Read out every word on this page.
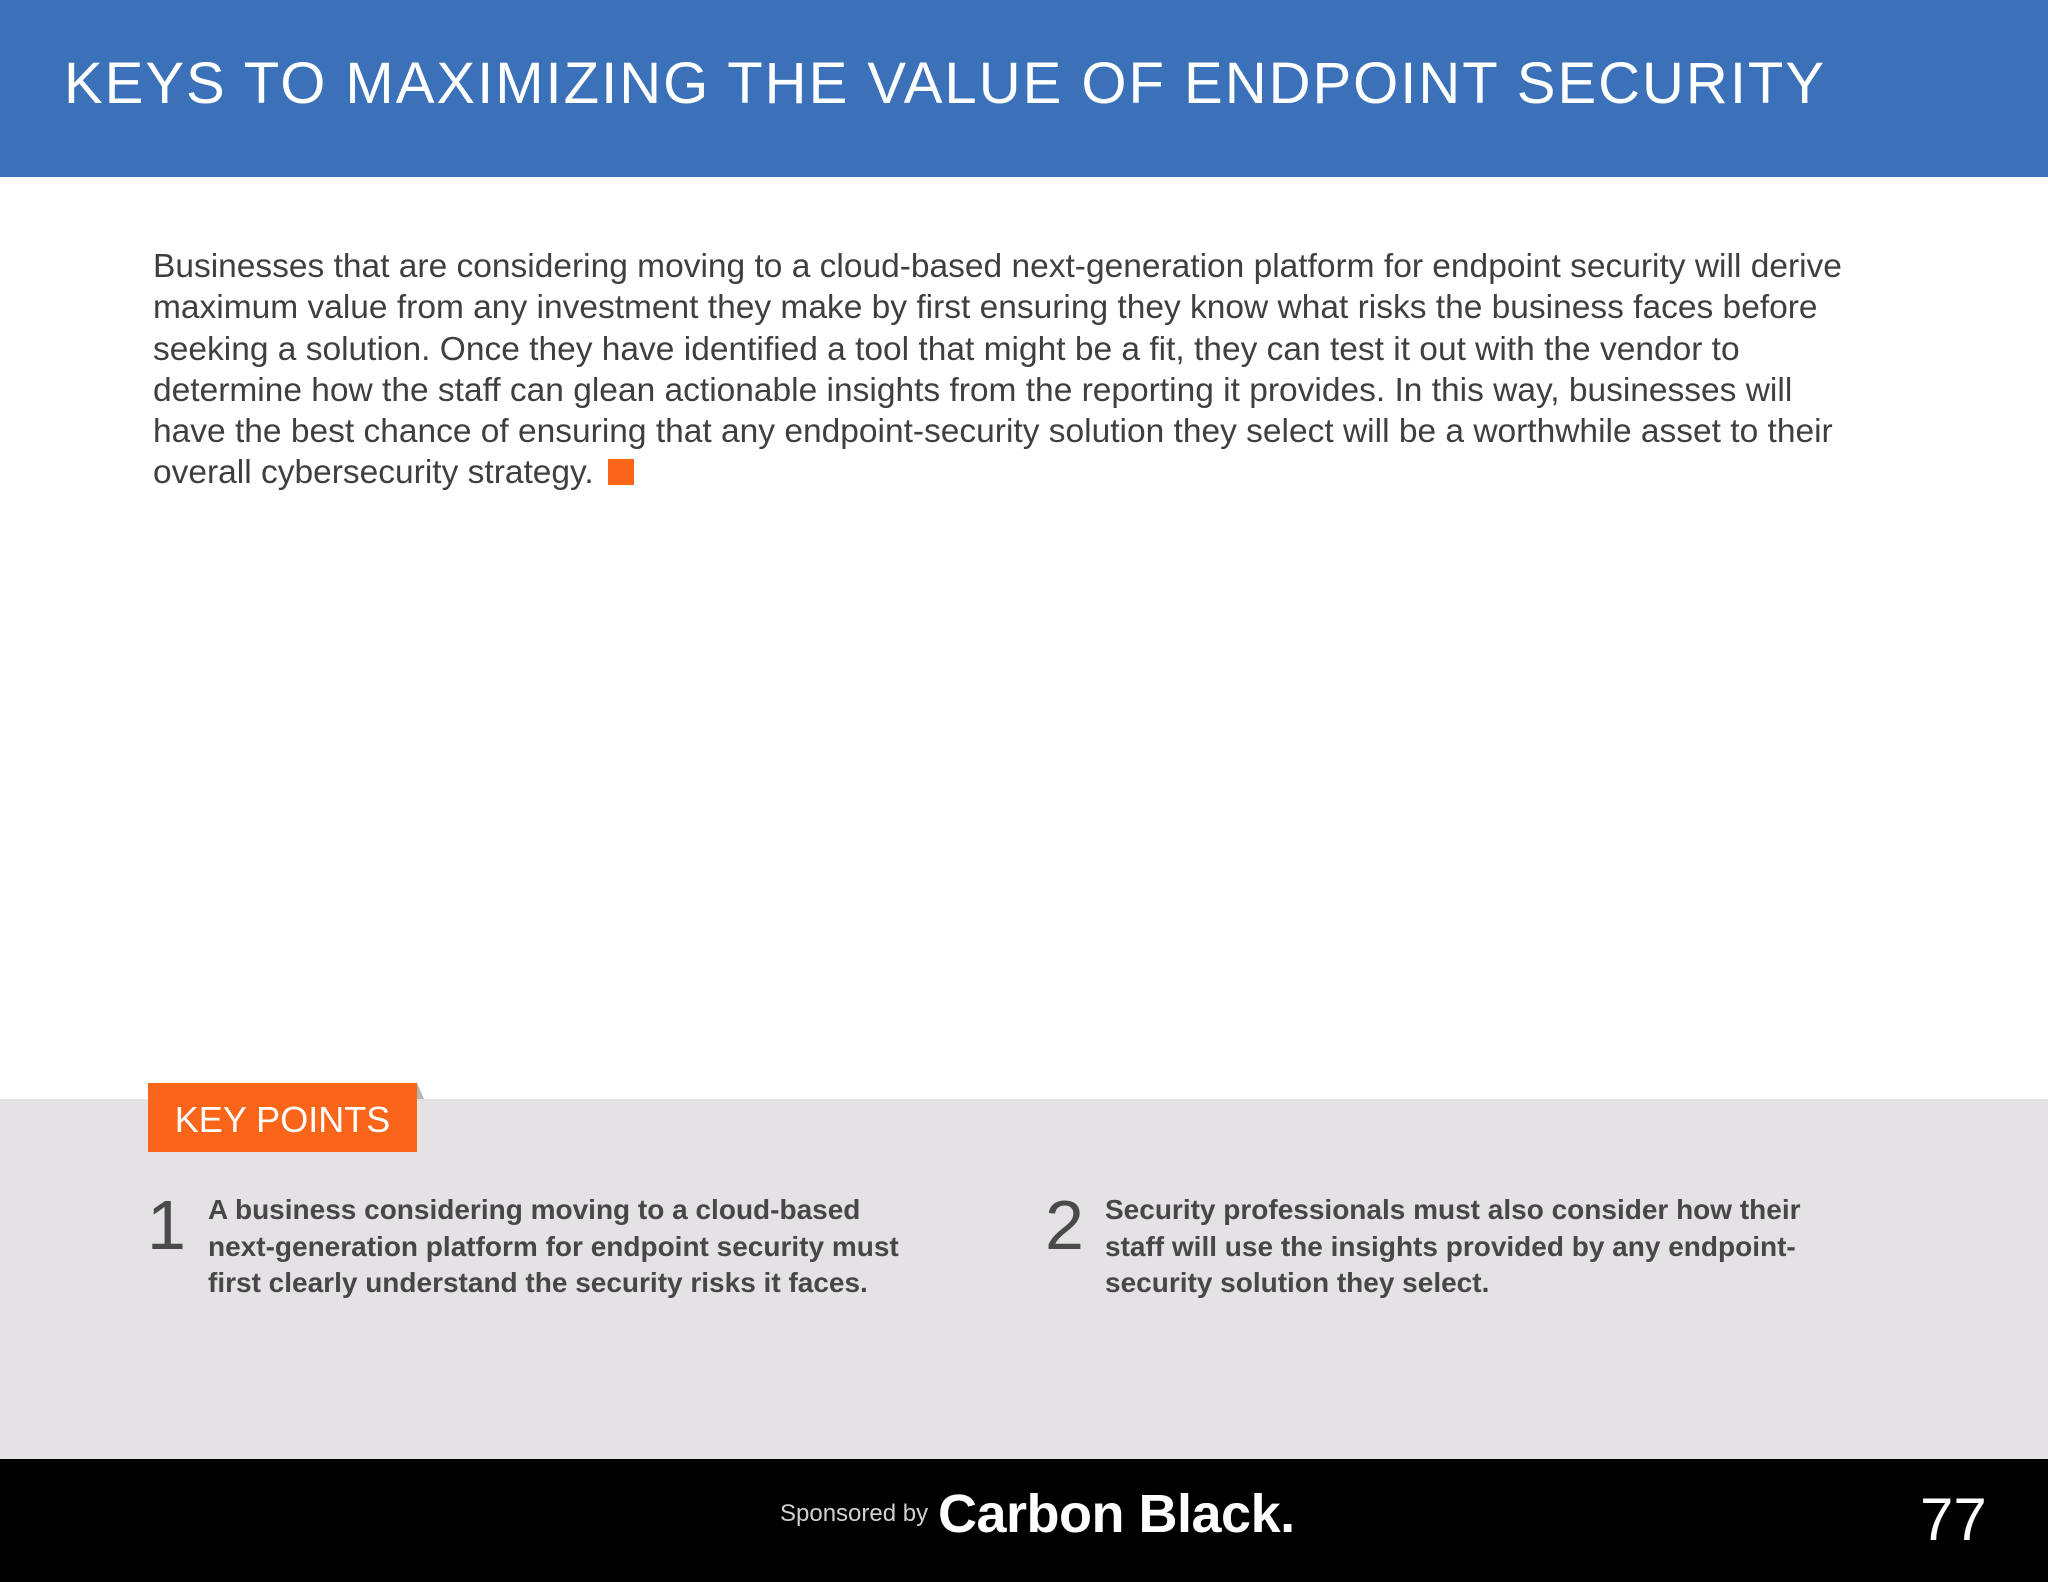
KEYS TO MAXIMIZING THE VALUE OF ENDPOINT SECURITY

Businesses that are considering moving to a cloud-based next-generation platform for endpoint security will derive maximum value from any investment they make by first ensuring they know what risks the business faces before seeking a solution. Once they have identified a tool that might be a fit, they can test it out with the vendor to determine how the staff can glean actionable insights from the reporting it provides. In this way, businesses will have the best chance of ensuring that any endpoint-security solution they select will be a worthwhile asset to their overall cybersecurity strategy.

KEY POINTS
1 A business considering moving to a cloud-based next-generation platform for endpoint security must first clearly understand the security risks it faces.

2 Security professionals must also consider how their staff will use the insights provided by any endpoint-security solution they select.

Sponsored by Carbon Black.	77
